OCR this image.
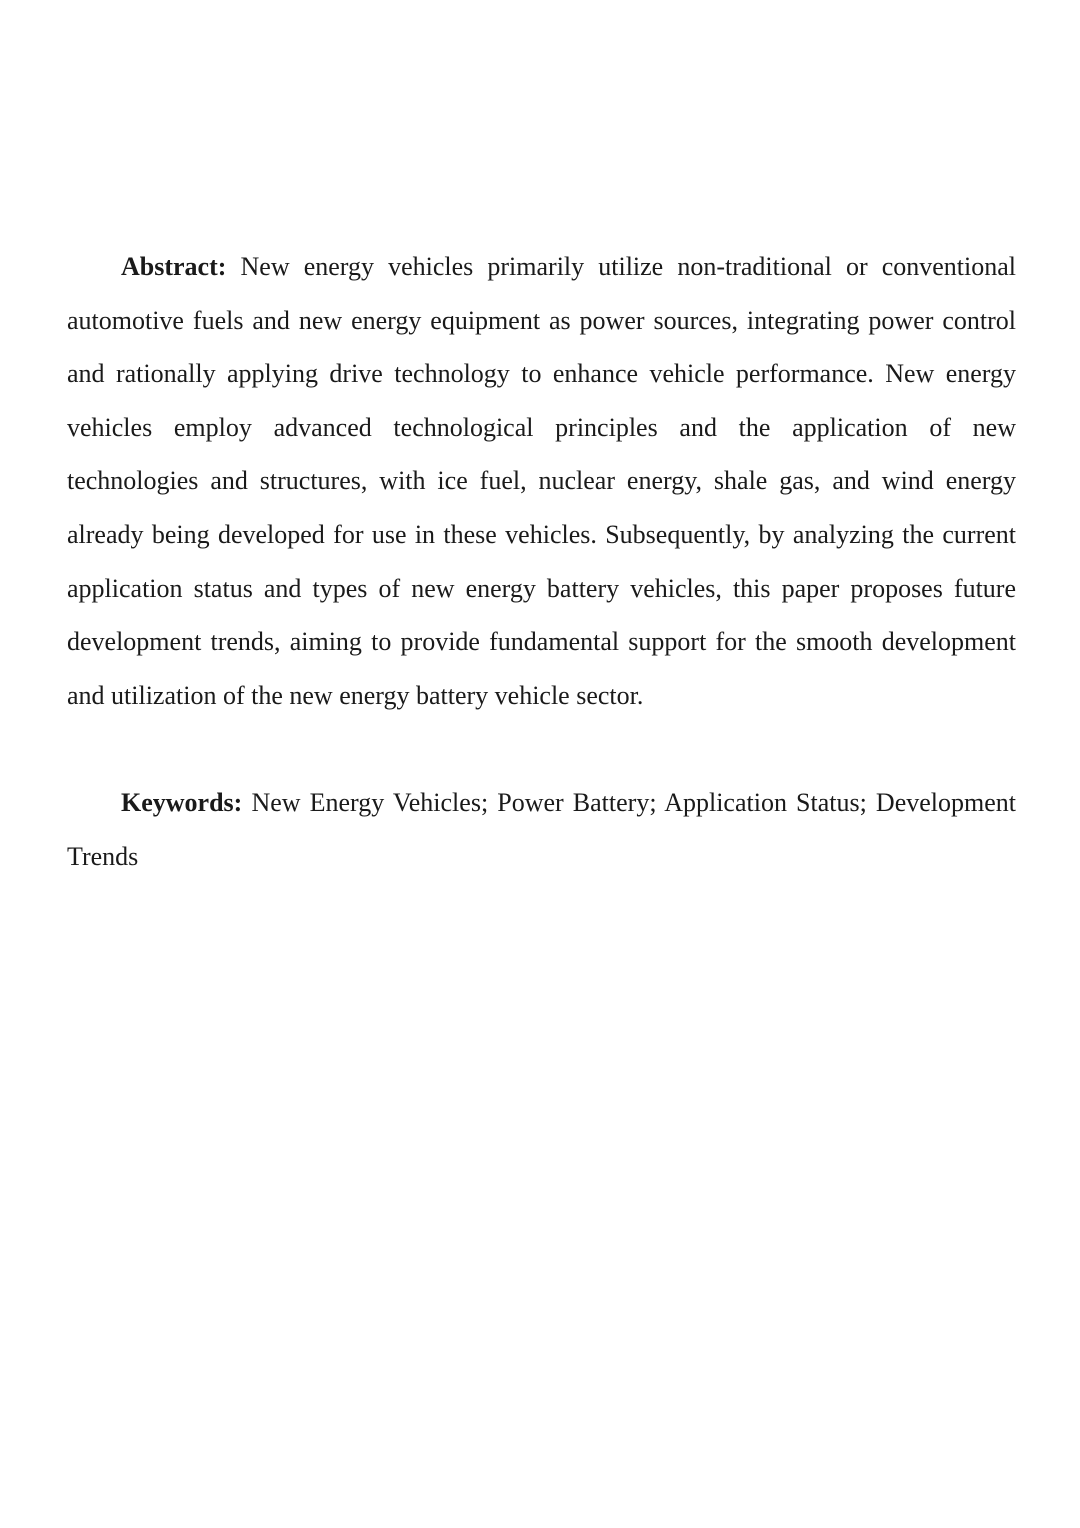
Abstract: New energy vehicles primarily utilize non-traditional or conventional automotive fuels and new energy equipment as power sources, integrating power control and rationally applying drive technology to enhance vehicle performance. New energy vehicles employ advanced technological principles and the application of new technologies and structures, with ice fuel, nuclear energy, shale gas, and wind energy already being developed for use in these vehicles. Subsequently, by analyzing the current application status and types of new energy battery vehicles, this paper proposes future development trends, aiming to provide fundamental support for the smooth development and utilization of the new energy battery vehicle sector.

Keywords: New Energy Vehicles; Power Battery; Application Status; Development Trends
